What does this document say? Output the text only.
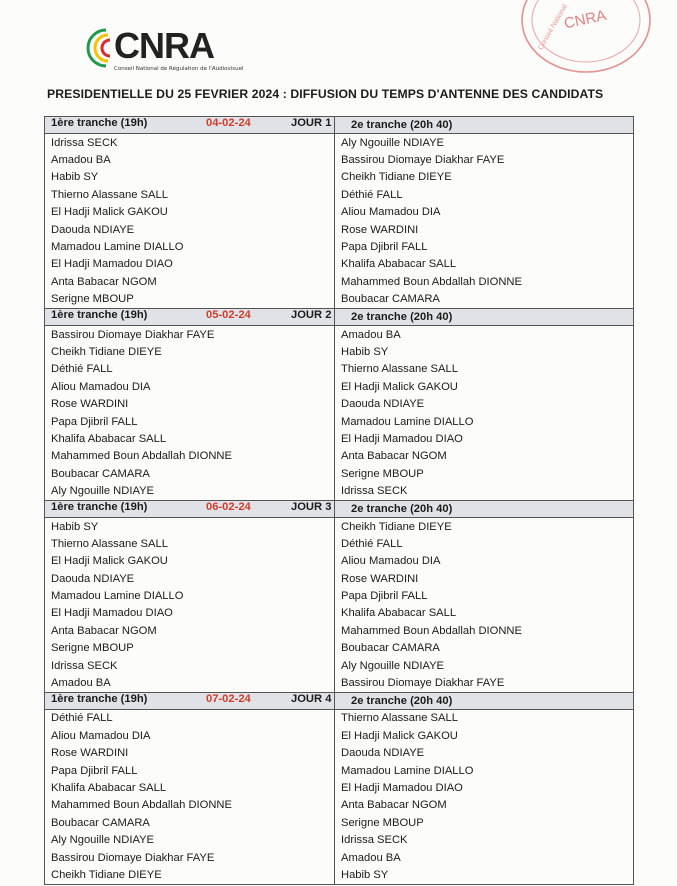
CNRA
Conseil National de Régulation de l'Audiovisuel
CNRA
Conseil National
PRESIDENTIELLE DU 25 FEVRIER 2024 : DIFFUSION DU TEMPS D'ANTENNE DES CANDIDATS
1ère tranche (19h) 04-02-24 JOUR 1	2e tranche (20h 40)
Idrissa SECK	Aly Ngouille NDIAYE
Amadou BA	Bassirou Diomaye Diakhar FAYE
Habib SY	Cheikh Tidiane DIEYE
Thierno Alassane SALL	Déthié FALL
El Hadji Malick GAKOU	Aliou Mamadou DIA
Daouda NDIAYE	Rose WARDINI
Mamadou Lamine DIALLO	Papa Djibril FALL
El Hadji Mamadou DIAO	Khalifa Ababacar SALL
Anta Babacar NGOM	Mahammed Boun Abdallah DIONNE
Serigne MBOUP	Boubacar CAMARA

1ère tranche (19h) 05-02-24 JOUR 2	2e tranche (20h 40)
Bassirou Diomaye Diakhar FAYE	Amadou BA
Cheikh Tidiane DIEYE	Habib SY
Déthié FALL	Thierno Alassane SALL
Aliou Mamadou DIA	El Hadji Malick GAKOU
Rose WARDINI	Daouda NDIAYE
Papa Djibril FALL	Mamadou Lamine DIALLO
Khalifa Ababacar SALL	El Hadji Mamadou DIAO
Mahammed Boun Abdallah DIONNE	Anta Babacar NGOM
Boubacar CAMARA	Serigne MBOUP
Aly Ngouille NDIAYE	Idrissa SECK

1ère tranche (19h) 06-02-24 JOUR 3	2e tranche (20h 40)
Habib SY	Cheikh Tidiane DIEYE
Thierno Alassane SALL	Déthié FALL
El Hadji Malick GAKOU	Aliou Mamadou DIA
Daouda NDIAYE	Rose WARDINI
Mamadou Lamine DIALLO	Papa Djibril FALL
El Hadji Mamadou DIAO	Khalifa Ababacar SALL
Anta Babacar NGOM	Mahammed Boun Abdallah DIONNE
Serigne MBOUP	Boubacar CAMARA
Idrissa SECK	Aly Ngouille NDIAYE
Amadou BA	Bassirou Diomaye Diakhar FAYE

1ère tranche (19h) 07-02-24 JOUR 4	2e tranche (20h 40)
Déthié FALL	Thierno Alassane SALL
Aliou Mamadou DIA	El Hadji Malick GAKOU
Rose WARDINI	Daouda NDIAYE
Papa Djibril FALL	Mamadou Lamine DIALLO
Khalifa Ababacar SALL	El Hadji Mamadou DIAO
Mahammed Boun Abdallah DIONNE	Anta Babacar NGOM
Boubacar CAMARA	Serigne MBOUP
Aly Ngouille NDIAYE	Idrissa SECK
Bassirou Diomaye Diakhar FAYE	Amadou BA
Cheikh Tidiane DIEYE	Habib SY
